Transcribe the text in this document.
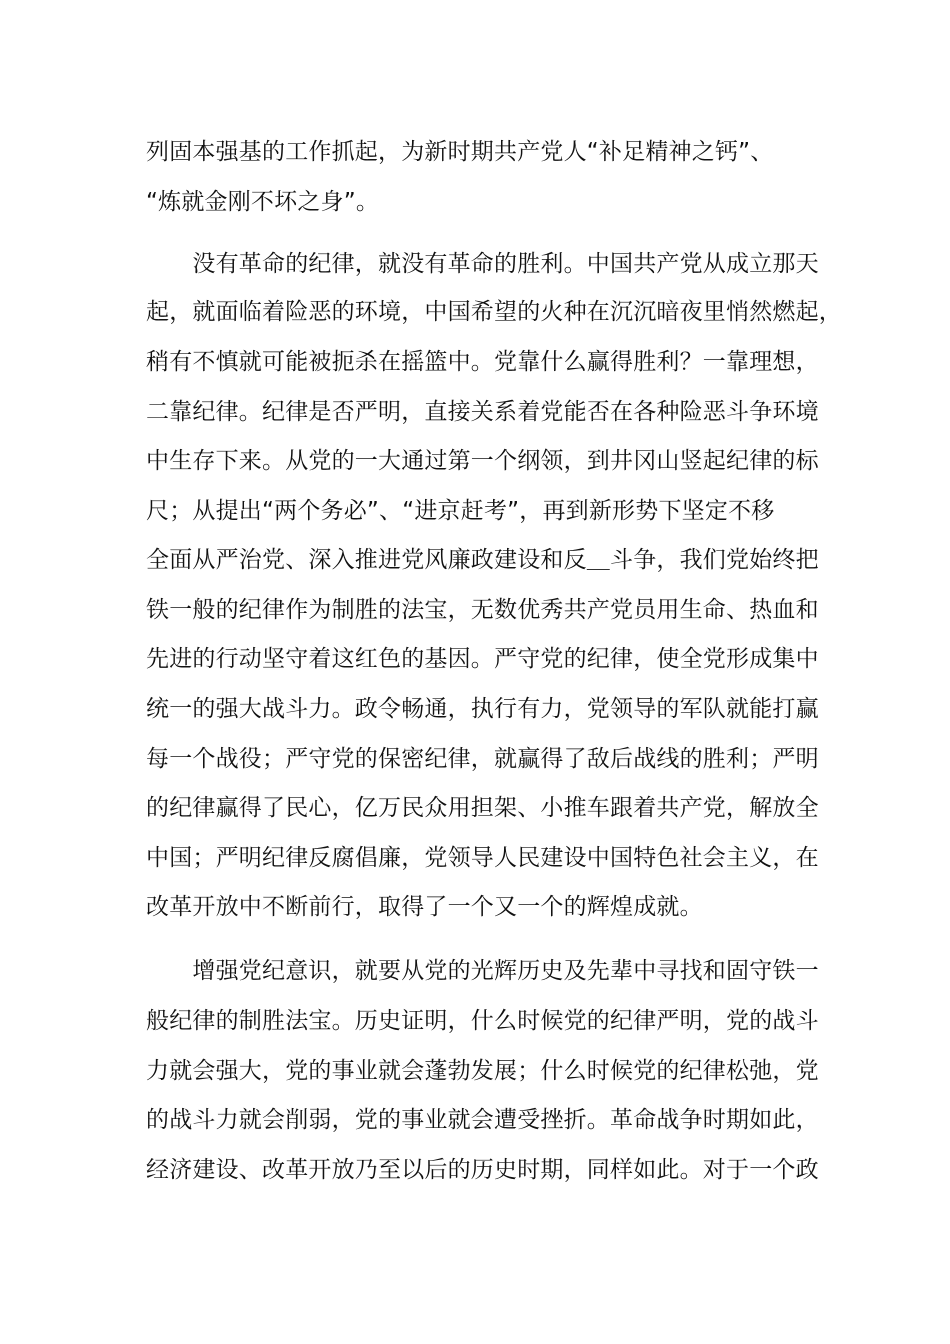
列固本强基的工作抓起，为新时期共产党人“补足精神之钙”、
“炼就金刚不坏之身”。
　　没有革命的纪律，就没有革命的胜利。中国共产党从成立那天
起，就面临着险恶的环境，中国希望的火种在沉沉暗夜里悄然燃起，
稍有不慎就可能被扼杀在摇篮中。党靠什么赢得胜利？一靠理想，
二靠纪律。纪律是否严明，直接关系着党能否在各种险恶斗争环境
中生存下来。从党的一大通过第一个纲领，到井冈山竖起纪律的标
尺；从提出“两个务必”、“进京赶考”，再到新形势下坚定不移
全面从严治党、深入推进党风廉政建设和反＿斗争，我们党始终把
铁一般的纪律作为制胜的法宝，无数优秀共产党员用生命、热血和
先进的行动坚守着这红色的基因。严守党的纪律，使全党形成集中
统一的强大战斗力。政令畅通，执行有力，党领导的军队就能打赢
每一个战役；严守党的保密纪律，就赢得了敌后战线的胜利；严明
的纪律赢得了民心，亿万民众用担架、小推车跟着共产党，解放全
中国；严明纪律反腐倡廉，党领导人民建设中国特色社会主义，在
改革开放中不断前行，取得了一个又一个的辉煌成就。
　　增强党纪意识，就要从党的光辉历史及先辈中寻找和固守铁一
般纪律的制胜法宝。历史证明，什么时候党的纪律严明，党的战斗
力就会强大，党的事业就会蓬勃发展；什么时候党的纪律松弛，党
的战斗力就会削弱，党的事业就会遭受挫折。革命战争时期如此，
经济建设、改革开放乃至以后的历史时期，同样如此。对于一个政
